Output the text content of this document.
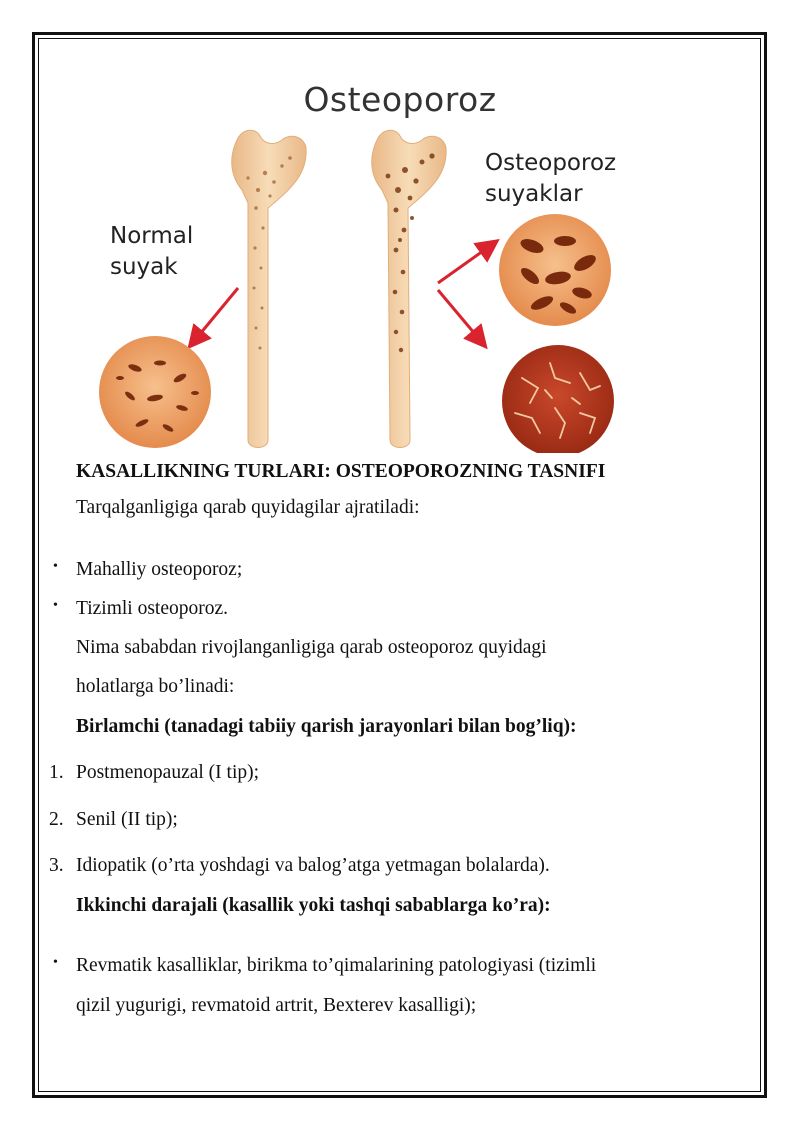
Osteoporoz
Normal
suyak
Osteoporoz
suyaklar
KASALLIKNING TURLARI: OSTEOPOROZNING TASNIFI
Tarqalganligiga qarab quyidagilar ajratiladi:
• Mahalliy osteoporoz;
• Tizimli osteoporoz.
Nima sababdan rivojlanganligiga qarab osteoporoz quyidagi
holatlarga bo’linadi:
Birlamchi (tanadagi tabiiy qarish jarayonlari bilan bog’liq):
1. Postmenopauzal (I tip);
2. Senil (II tip);
3. Idiopatik (o’rta yoshdagi va balog’atga yetmagan bolalarda).
Ikkinchi darajali (kasallik yoki tashqi sabablarga ko’ra):
• Revmatik kasalliklar, birikma to’qimalarining patologiyasi (tizimli
qizil yugurigi, revmatoid artrit, Bexterev kasalligi);
